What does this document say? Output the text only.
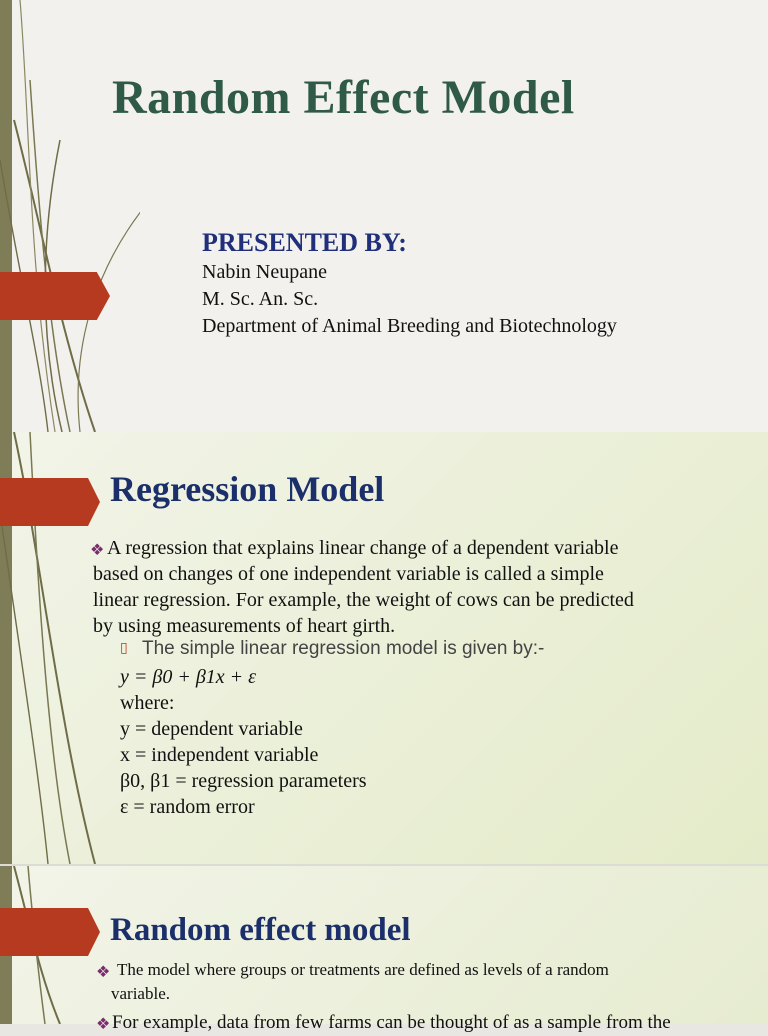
Random Effect Model
PRESENTED BY:
Nabin Neupane
M. Sc. An. Sc.
Department of Animal Breeding and Biotechnology
Regression Model
❖ A regression that explains linear change of a dependent variable
based on changes of one independent variable is called a simple
linear regression. For example, the weight of cows can be predicted
by using measurements of heart girth.
▯ The simple linear regression model is given by:-
y = β0 + β1x + ε
where:
y = dependent variable
x = independent variable
β0, β1 = regression parameters
ε = random error
Random effect model
❖ The model where groups or treatments are defined as levels of a random
variable.
❖ For example, data from few farms can be thought of as a sample from the
